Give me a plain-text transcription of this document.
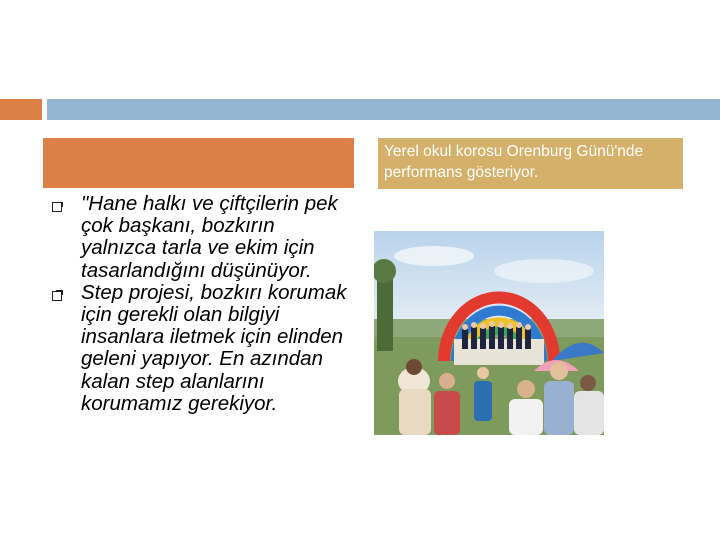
Yerel okul korosu Orenburg Günü'nde performans gösteriyor.
"Hane halkı ve çiftçilerin pek çok başkanı, bozkırın yalnızca tarla ve ekim için tasarlandığını düşünüyor.
Step projesi, bozkırı korumak için gerekli olan bilgiyi insanlara iletmek için elinden geleni yapıyor. En azından kalan step alanlarını korumamız gerekiyor.
